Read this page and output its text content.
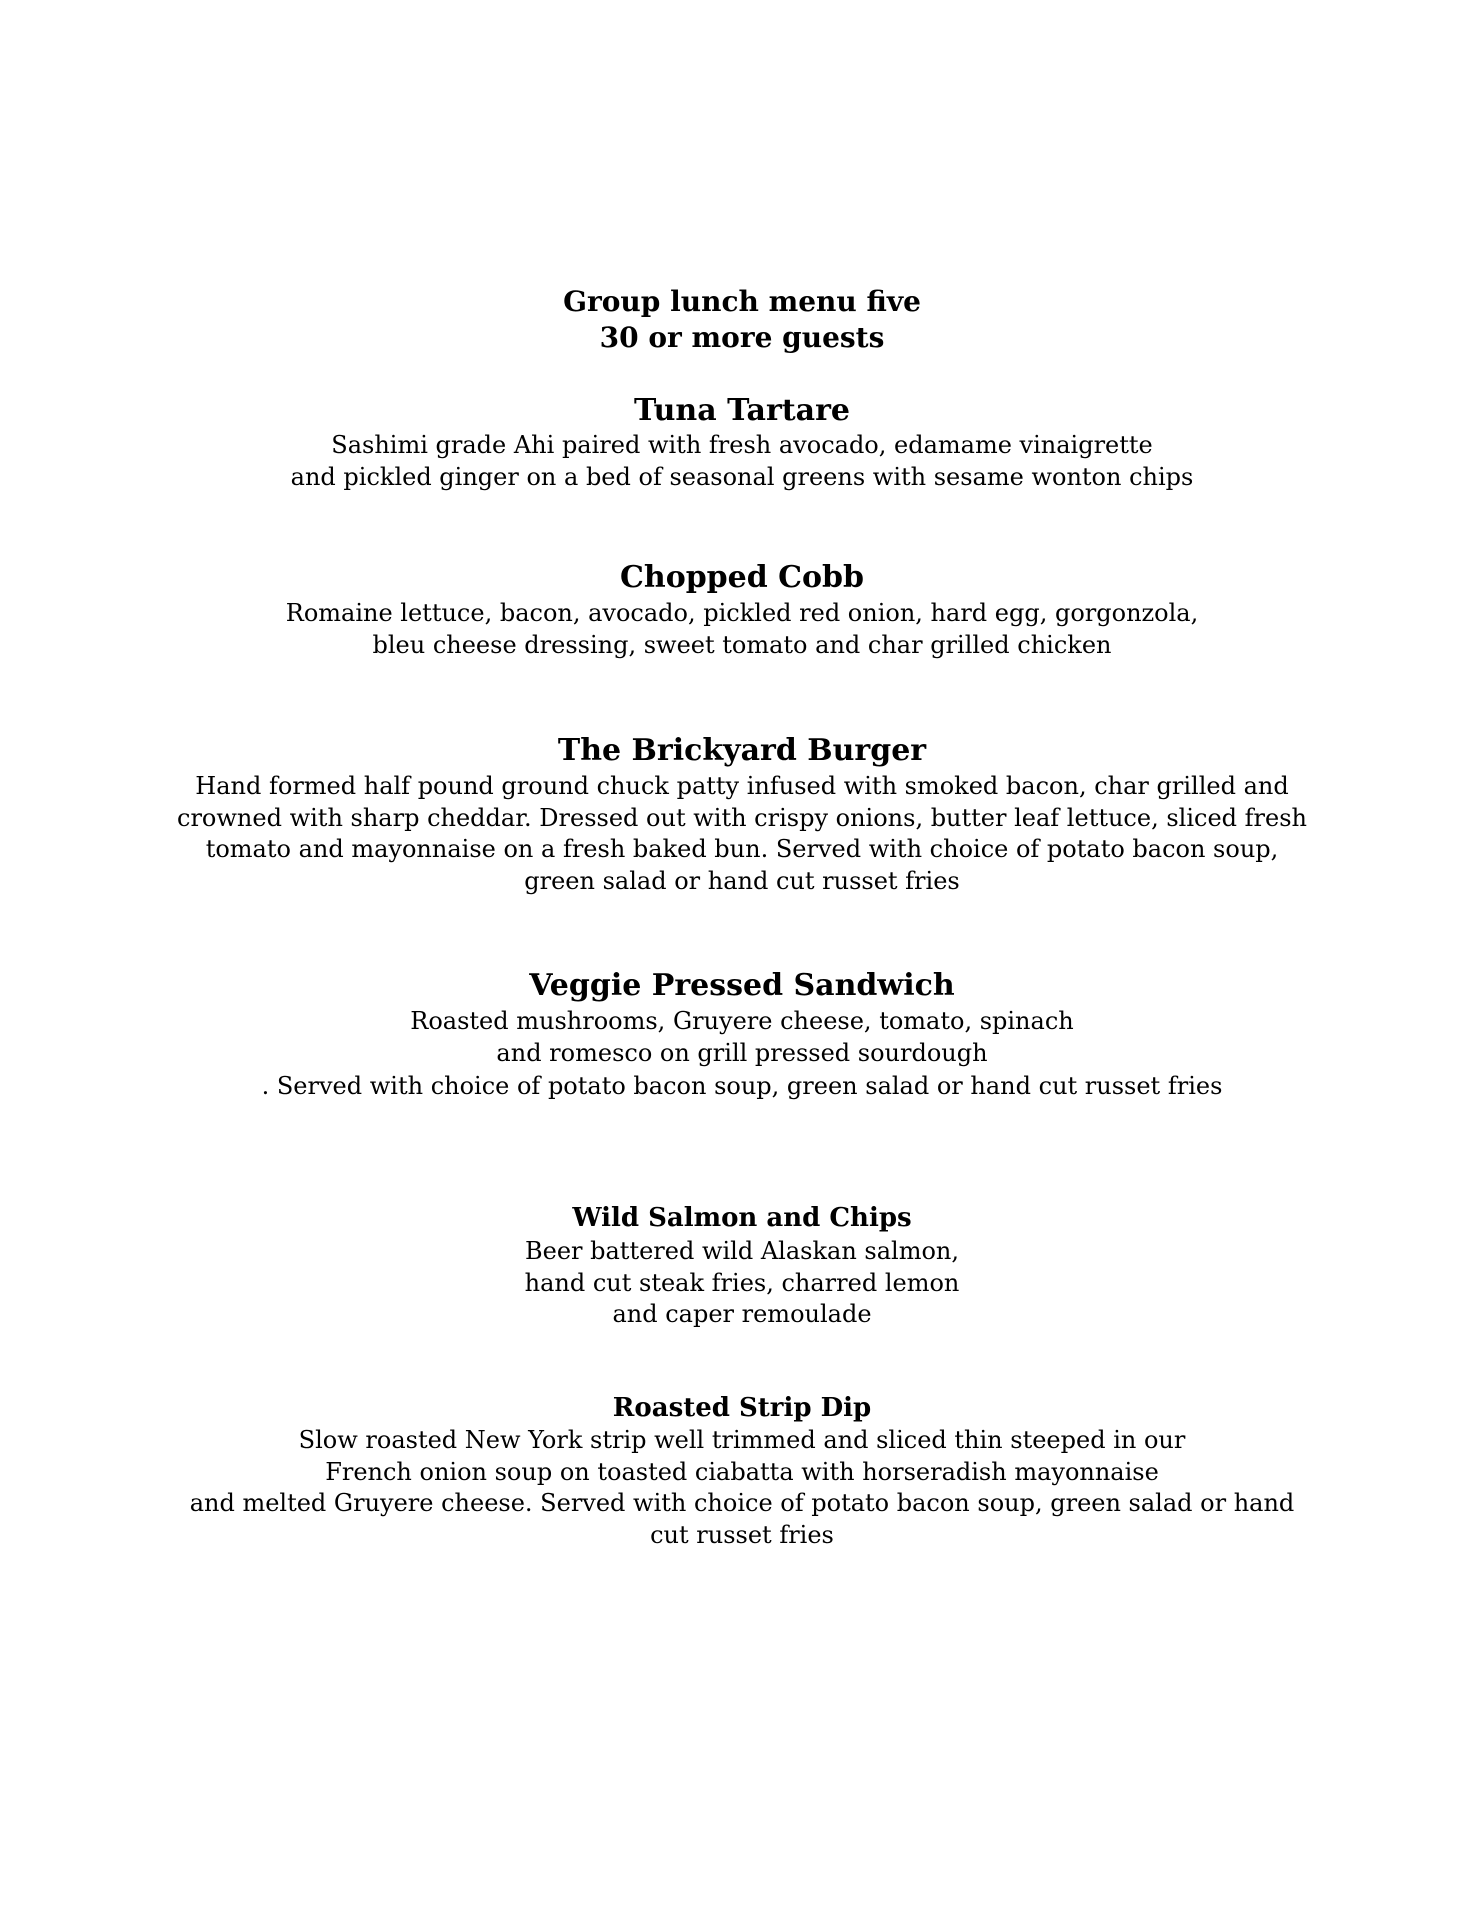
Group lunch menu five
30 or more guests
Tuna Tartare
Sashimi grade Ahi paired with fresh avocado, edamame vinaigrette
and pickled ginger on a bed of seasonal greens with sesame wonton chips
Chopped Cobb
Romaine lettuce, bacon, avocado, pickled red onion, hard egg, gorgonzola,
bleu cheese dressing, sweet tomato and char grilled chicken
The Brickyard Burger
Hand formed half pound ground chuck patty infused with smoked bacon, char grilled and
crowned with sharp cheddar. Dressed out with crispy onions, butter leaf lettuce, sliced fresh
tomato and mayonnaise on a fresh baked bun. Served with choice of potato bacon soup,
green salad or hand cut russet fries
Veggie Pressed Sandwich
Roasted mushrooms, Gruyere cheese, tomato, spinach
and romesco on grill pressed sourdough
. Served with choice of potato bacon soup, green salad or hand cut russet fries
Wild Salmon and Chips
Beer battered wild Alaskan salmon,
hand cut steak fries, charred lemon
and caper remoulade
Roasted Strip Dip
Slow roasted New York strip well trimmed and sliced thin steeped in our
French onion soup on toasted ciabatta with horseradish mayonnaise
and melted Gruyere cheese. Served with choice of potato bacon soup, green salad or hand
cut russet fries
